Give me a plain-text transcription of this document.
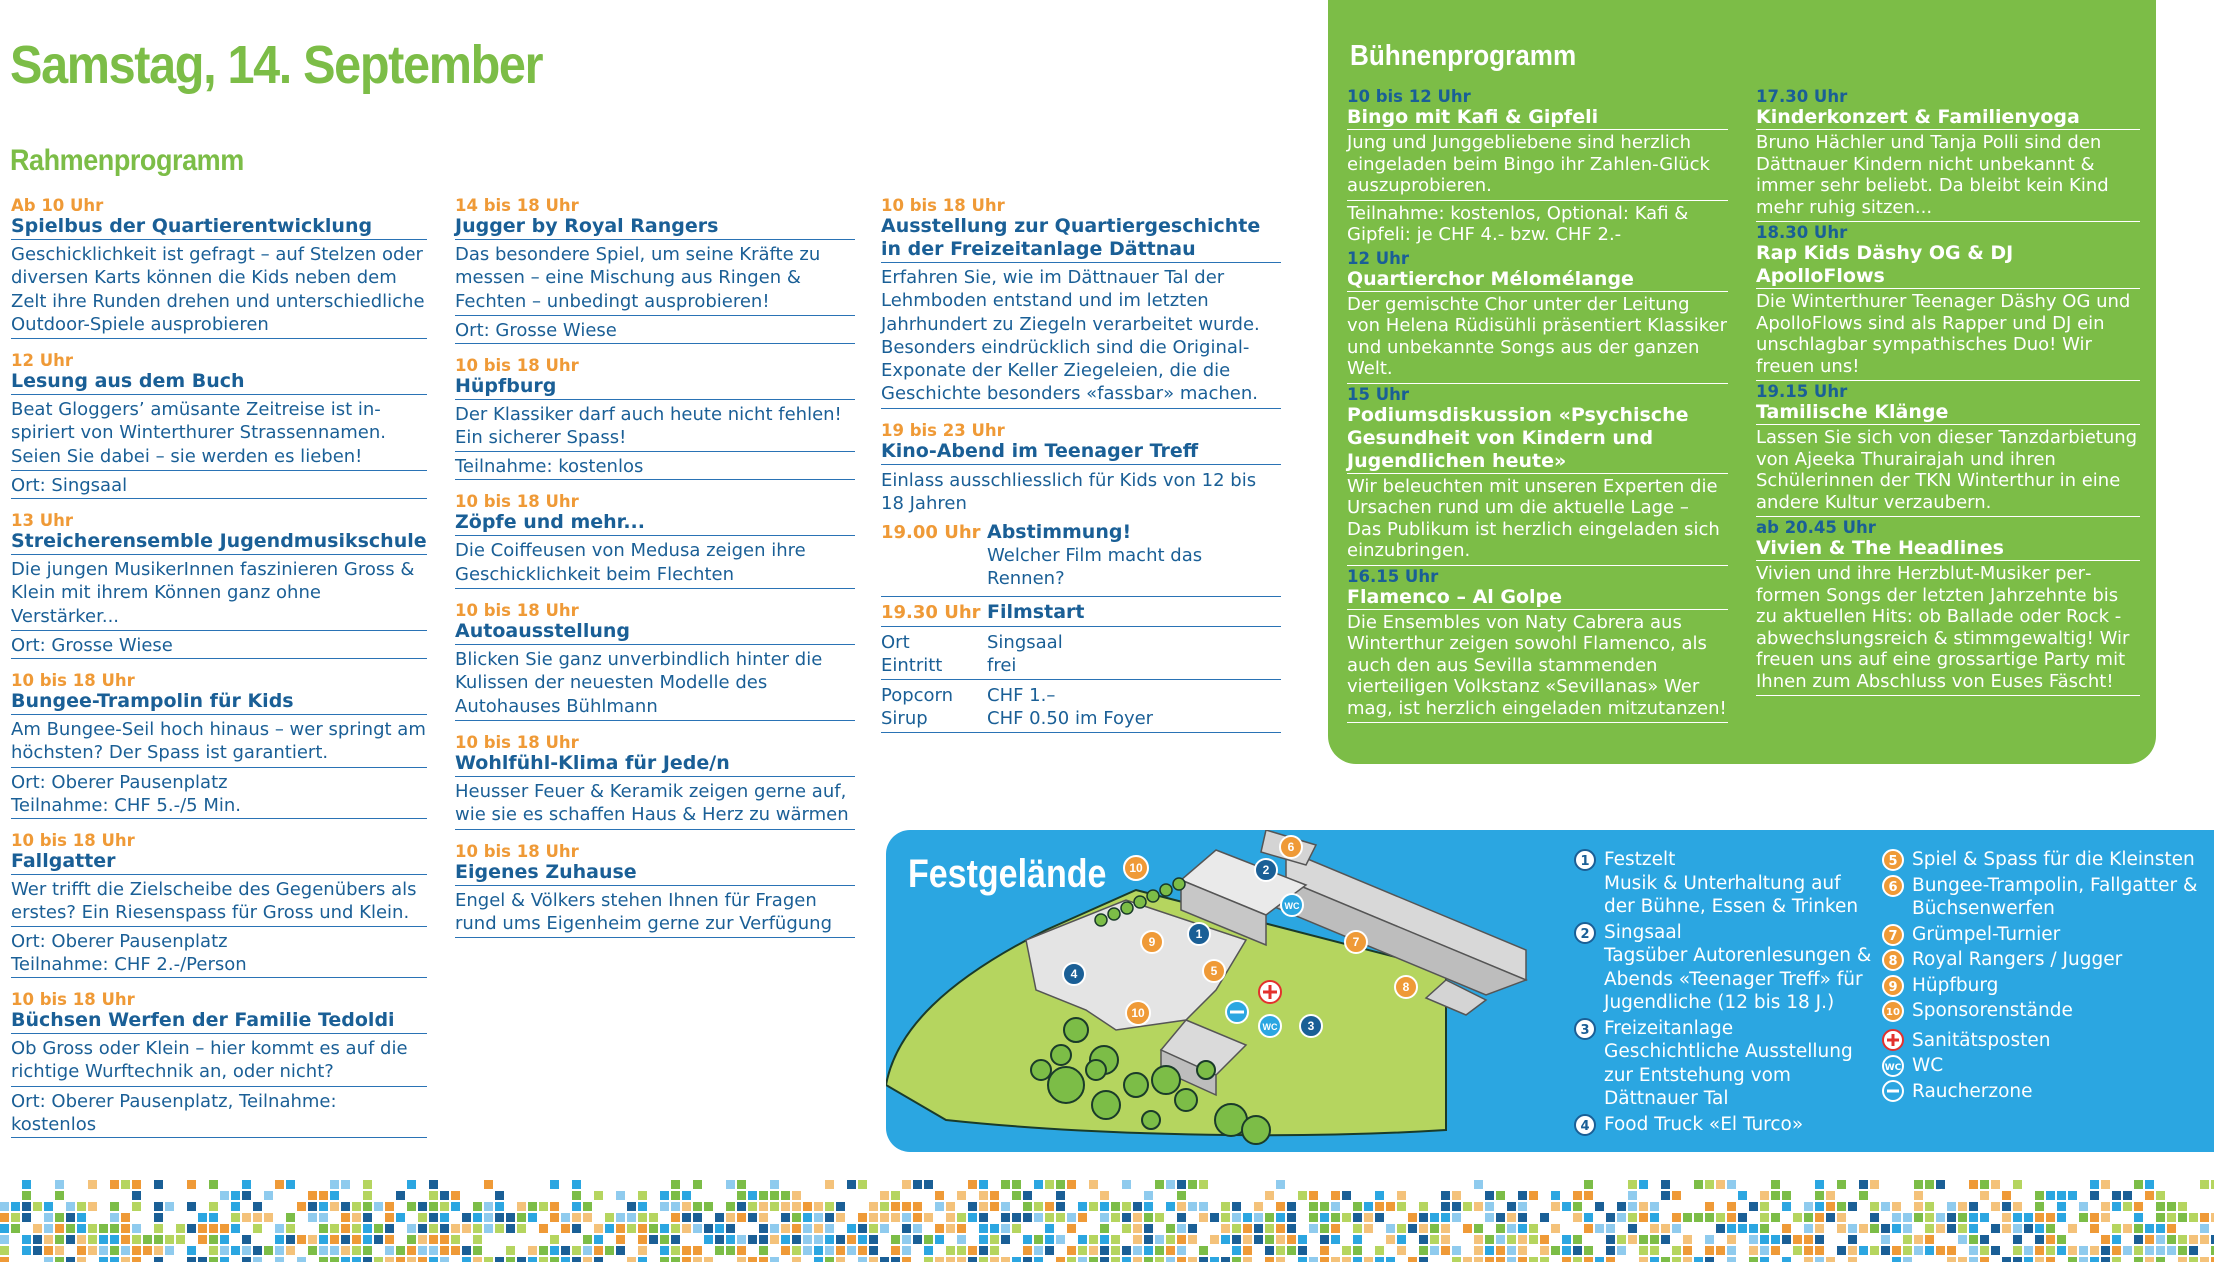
Samstag, 14. September
Rahmenprogramm
Ab 10 Uhr
Spielbus der Quartierentwicklung
Geschicklichkeit ist gefragt – auf Stelzen oder diversen Karts können die Kids neben dem Zelt ihre Runden drehen und unterschiedliche Outdoor-Spiele ausprobieren
12 Uhr
Lesung aus dem Buch
Beat Gloggers’ amüsante Zeitreise ist inspiriert von Winterthurer Strassennamen. Seien Sie dabei – sie werden es lieben!
Ort: Singsaal
13 Uhr
Streicherensemble Jugendmusikschule
Die jungen MusikerInnen faszinieren Gross & Klein mit ihrem Können ganz ohne Verstärker...
Ort: Grosse Wiese
10 bis 18 Uhr
Bungee-Trampolin für Kids
Am Bungee-Seil hoch hinaus – wer springt am höchsten? Der Spass ist garantiert.
Ort: Oberer Pausenplatz
Teilnahme: CHF 5.-/5 Min.
10 bis 18 Uhr
Fallgatter
Wer trifft die Zielscheibe des Gegenübers als erstes? Ein Riesenspass für Gross und Klein.
Ort: Oberer Pausenplatz
Teilnahme: CHF 2.-/Person
10 bis 18 Uhr
Büchsen Werfen der Familie Tedoldi
Ob Gross oder Klein – hier kommt es auf die richtige Wurftechnik an, oder nicht?
Ort: Oberer Pausenplatz, Teilnahme: kostenlos
14 bis 18 Uhr
Jugger by Royal Rangers
Das besondere Spiel, um seine Kräfte zu messen – eine Mischung aus Ringen & Fechten – unbedingt ausprobieren!
Ort: Grosse Wiese
10 bis 18 Uhr
Hüpfburg
Der Klassiker darf auch heute nicht fehlen! Ein sicherer Spass!
Teilnahme: kostenlos
10 bis 18 Uhr
Zöpfe und mehr...
Die Coiffeusen von Medusa zeigen ihre Geschicklichkeit beim Flechten
10 bis 18 Uhr
Autoausstellung
Blicken Sie ganz unverbindlich hinter die Kulissen der neuesten Modelle des Autohauses Bühlmann
10 bis 18 Uhr
Wohlfühl-Klima für Jede/n
Heusser Feuer & Keramik zeigen gerne auf, wie sie es schaffen Haus & Herz zu wärmen
10 bis 18 Uhr
Eigenes Zuhause
Engel & Völkers stehen Ihnen für Fragen rund ums Eigenheim gerne zur Verfügung
10 bis 18 Uhr
Ausstellung zur Quartiergeschichte in der Freizeitanlage Dättnau
Erfahren Sie, wie im Dättnauer Tal der Lehmboden entstand und im letzten Jahrhundert zu Ziegeln verarbeitet wurde. Besonders eindrücklich sind die Original-Exponate der Keller Ziegeleien, die die Geschichte besonders «fassbar» machen.
19 bis 23 Uhr
Kino-Abend im Teenager Treff
Einlass ausschliesslich für Kids von 12 bis 18 Jahren
19.00 Uhr Abstimmung!
Welcher Film macht das Rennen?
19.30 Uhr Filmstart
Ort	Singsaal
Eintritt	frei
Popcorn	CHF 1.–
Sirup	CHF 0.50 im Foyer
Bühnenprogramm
10 bis 12 Uhr
Bingo mit Kafi & Gipfeli
Jung und Junggebliebene sind herzlich eingeladen beim Bingo ihr Zahlen-Glück auszuprobieren.
Teilnahme: kostenlos, Optional: Kafi & Gipfeli: je CHF 4.- bzw. CHF 2.-
12 Uhr
Quartierchor Mélomélange
Der gemischte Chor unter der Leitung von Helena Rüdisühli präsentiert Klassiker und unbekannte Songs aus der ganzen Welt.
15 Uhr
Podiumsdiskussion «Psychische Gesundheit von Kindern und Jugendlichen heute»
Wir beleuchten mit unseren Experten die Ursachen rund um die aktuelle Lage – Das Publikum ist herzlich eingeladen sich einzubringen.
16.15 Uhr
Flamenco – Al Golpe
Die Ensembles von Naty Cabrera aus Winterthur zeigen sowohl Flamenco, als auch den aus Sevilla stammenden vierteiligen Volkstanz «Sevillanas» Wer mag, ist herzlich eingeladen mitzutanzen!
17.30 Uhr
Kinderkonzert & Familienyoga
Bruno Hächler und Tanja Polli sind den Dättnauer Kindern nicht unbekannt & immer sehr beliebt. Da bleibt kein Kind mehr ruhig sitzen...
18.30 Uhr
Rap Kids Däshy OG & DJ ApolloFlows
Die Winterthurer Teenager Däshy OG und ApolloFlows sind als Rapper und DJ ein unschlagbar sympathisches Duo! Wir freuen uns!
19.15 Uhr
Tamilische Klänge
Lassen Sie sich von dieser Tanzdarbietung von Ajeeka Thurairajah und ihren Schülerinnen der TKN Winterthur in eine andere Kultur verzaubern.
ab 20.45 Uhr
Vivien & The Headlines
Vivien und ihre Herzblut-Musiker performen Songs der letzten Jahrzehnte bis zu aktuellen Hits: ob Ballade oder Rock - abwechslungsreich & stimmgewaltig! Wir freuen uns auf eine grossartige Party mit Ihnen zum Abschluss von Euses Fäscht!
10	2
6
WC
1
9	7
5
8
4
10
WC	3
Festgelände	1 Festzelt
Musik & Unterhaltung auf der Bühne, Essen & Trinken
2 Singsaal
Tagsüber Autorenlesungen & Abends «Teenager Treff» für Jugendliche (12 bis 18 J.)
3 Freizeitanlage
Geschichtliche Ausstellung zur Entstehung vom Dättnauer Tal
4 Food Truck «El Turco»
5 Spiel & Spass für die Kleinsten
6 Bungee-Trampolin, Fallgatter & Büchsenwerfen
7 Grümpel-Turnier
8 Royal Rangers / Jugger
9 Hüpfburg
10 Sponsorenstände
Sanitätsposten
WC WC
Raucherzone
